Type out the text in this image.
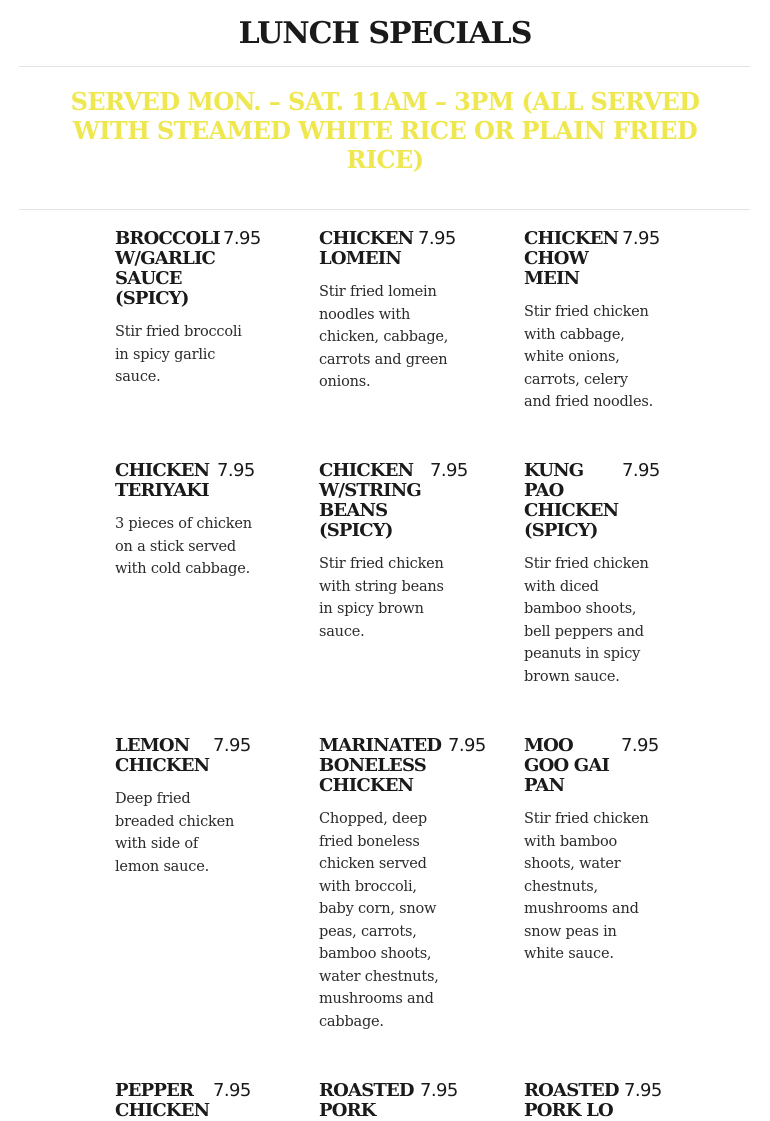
LUNCH SPECIALS
SERVED MON. – SAT. 11AM – 3PM (ALL SERVED WITH STEAMED WHITE RICE OR PLAIN FRIED RICE)
BROCCOLI W/GARLIC SAUCE (SPICY)
7.95
Stir fried broccoli in spicy garlic sauce.
CHICKEN LOMEIN
7.95
Stir fried lomein noodles with chicken, cabbage, carrots and green onions.
CHICKEN CHOW MEIN
7.95
Stir fried chicken with cabbage, white onions, carrots, celery and fried noodles.
CHICKEN TERIYAKI
7.95
3 pieces of chicken on a stick served with cold cabbage.
CHICKEN W/STRING BEANS (SPICY)
7.95
Stir fried chicken with string beans in spicy brown sauce.
KUNG PAO CHICKEN (SPICY)
7.95
Stir fried chicken with diced bamboo shoots, bell peppers and peanuts in spicy brown sauce.
LEMON CHICKEN
7.95
Deep fried breaded chicken with side of lemon sauce.
MARINATED BONELESS CHICKEN
7.95
Chopped, deep fried boneless chicken served with broccoli, baby corn, snow peas, carrots, bamboo shoots, water chestnuts, mushrooms and cabbage.
MOO GOO GAI PAN
7.95
Stir fried chicken with bamboo shoots, water chestnuts, mushrooms and snow peas in white sauce.
PEPPER CHICKEN
7.95	ROASTED PORK
7.95	ROASTED PORK LO
7.95
